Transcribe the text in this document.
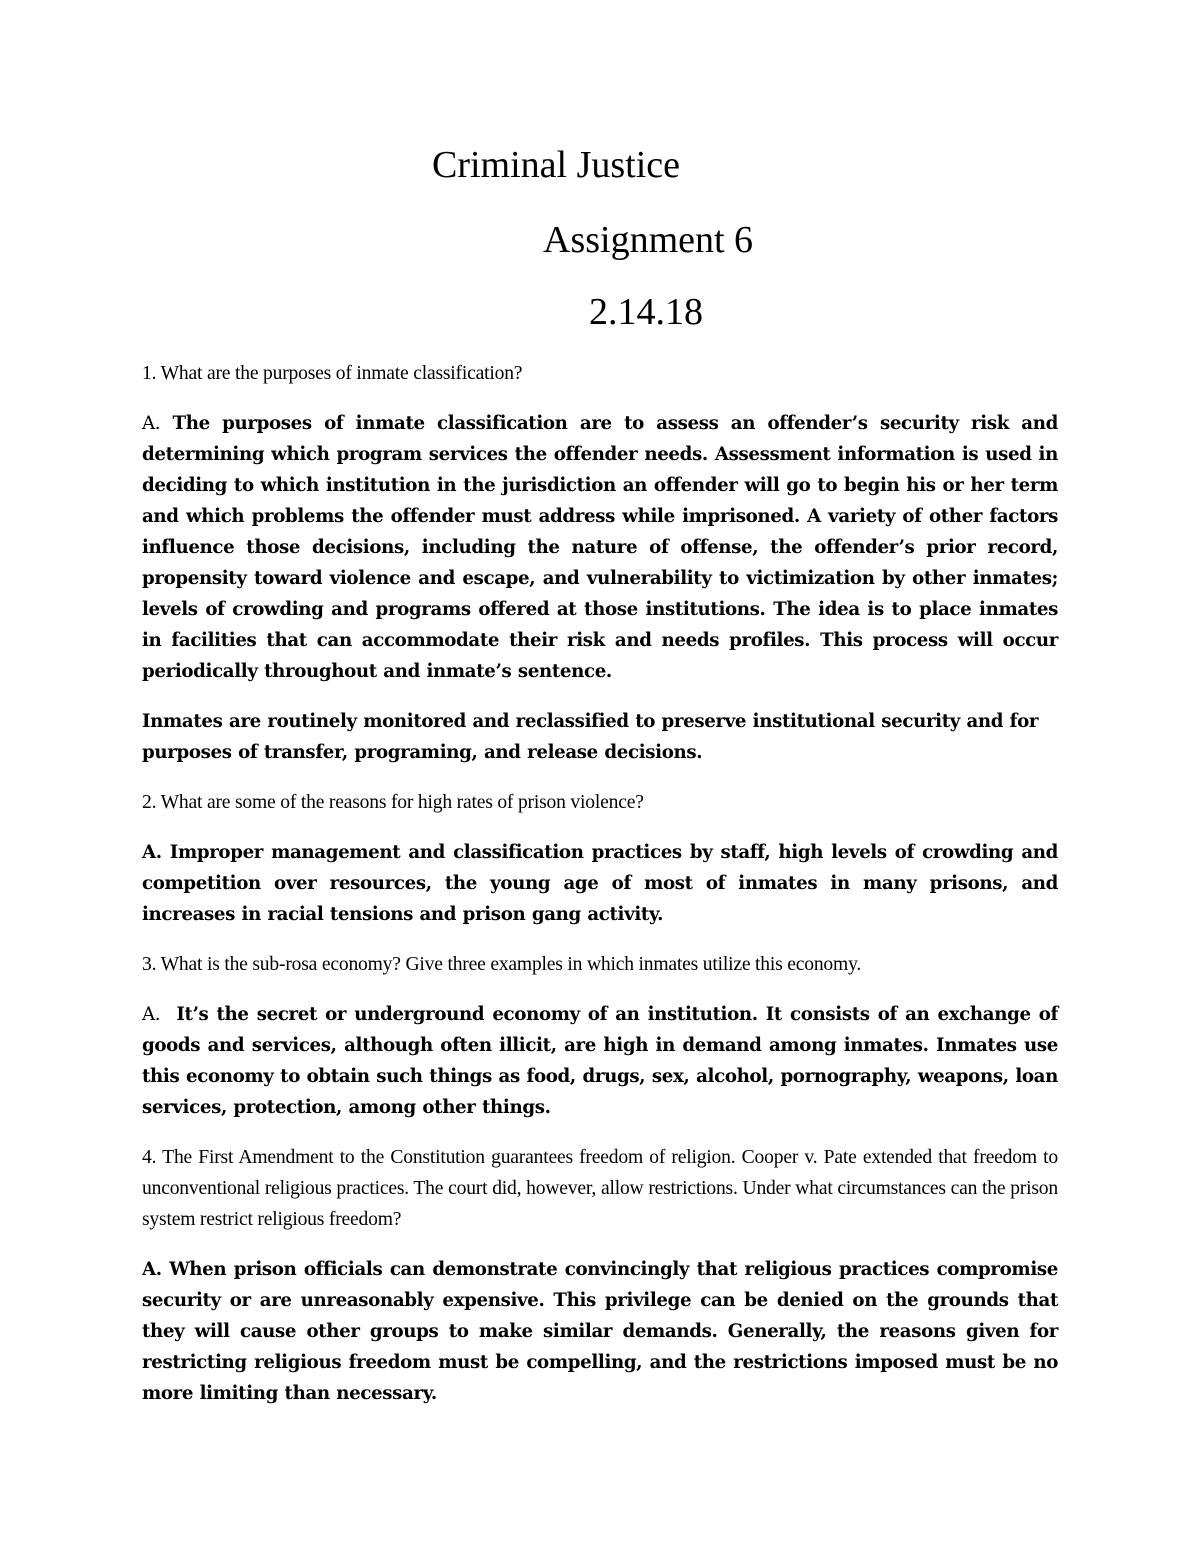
Criminal Justice
Assignment 6
2.14.18

1. What are the purposes of inmate classification?

A. The purposes of inmate classification are to assess an offender’s security risk and determining which program services the offender needs. Assessment information is used in deciding to which institution in the jurisdiction an offender will go to begin his or her term and which problems the offender must address while imprisoned. A variety of other factors influence those decisions, including the nature of offense, the offender’s prior record, propensity toward violence and escape, and vulnerability to victimization by other inmates; levels of crowding and programs offered at those institutions. The idea is to place inmates in facilities that can accommodate their risk and needs profiles. This process will occur periodically throughout and inmate’s sentence.

Inmates are routinely monitored and reclassified to preserve institutional security and for purposes of transfer, programing, and release decisions.

2. What are some of the reasons for high rates of prison violence?

A. Improper management and classification practices by staff, high levels of crowding and competition over resources, the young age of most of inmates in many prisons, and increases in racial tensions and prison gang activity.

3. What is the sub-rosa economy? Give three examples in which inmates utilize this economy.

A. It’s the secret or underground economy of an institution. It consists of an exchange of goods and services, although often illicit, are high in demand among inmates. Inmates use this economy to obtain such things as food, drugs, sex, alcohol, pornography, weapons, loan services, protection, among other things.

4. The First Amendment to the Constitution guarantees freedom of religion. Cooper v. Pate extended that freedom to unconventional religious practices. The court did, however, allow restrictions. Under what circumstances can the prison system restrict religious freedom?

A. When prison officials can demonstrate convincingly that religious practices compromise security or are unreasonably expensive. This privilege can be denied on the grounds that they will cause other groups to make similar demands. Generally, the reasons given for restricting religious freedom must be compelling, and the restrictions imposed must be no more limiting than necessary.
